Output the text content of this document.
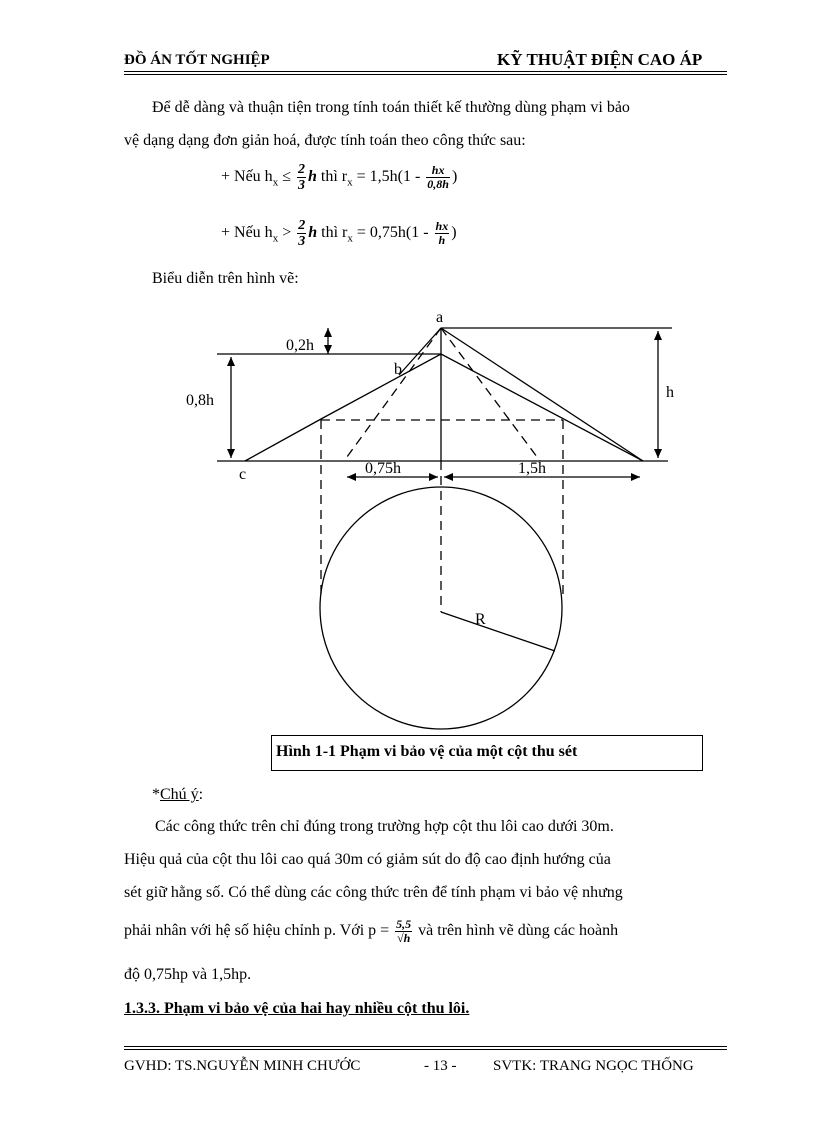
ĐỒ ÁN TỐT NGHIỆP	KỸ THUẬT ĐIỆN CAO ÁP
Để dễ dàng và thuận tiện trong tính toán thiết kế thường dùng phạm vi bảo
vệ dạng dạng đơn giản hoá, được tính toán theo công thức sau:
+ Nếu $h_x \le \frac{2}{3}$ h thì $r_x = 1,5h(1 - \frac{hx}{0,8h}$ )
+ Nếu $h_x > \frac{2}{3}$ h thì $r_x = 0,75h(1 - \frac{hx}{h}$ )
Biểu diễn trên hình vẽ:
a
b
c
0,2h
0,8h	h
0,75h	1,5h
R
Hình 1-1 Phạm vi bảo vệ của một cột thu sét
*Chú ý:
Các công thức trên chỉ đúng trong trường hợp cột thu lôi cao dưới 30m.
Hiệu quả của cột thu lôi cao quá 30m có giảm sút do độ cao định hướng của
sét giữ hằng số. Có thể dùng các công thức trên để tính phạm vi bảo vệ nhưng
phải nhân với hệ số hiệu chỉnh p. Với $p = \frac{5,5}{√h}$ và trên hình vẽ dùng các hoành
độ 0,75hp và 1,5hp.
1.3.3. Phạm vi bảo vệ của hai hay nhiều cột thu lôi.
GVHD: TS.NGUYỄN MINH CHƯỚC	- 13 - SVTK: TRANG NGỌC THỐNG
